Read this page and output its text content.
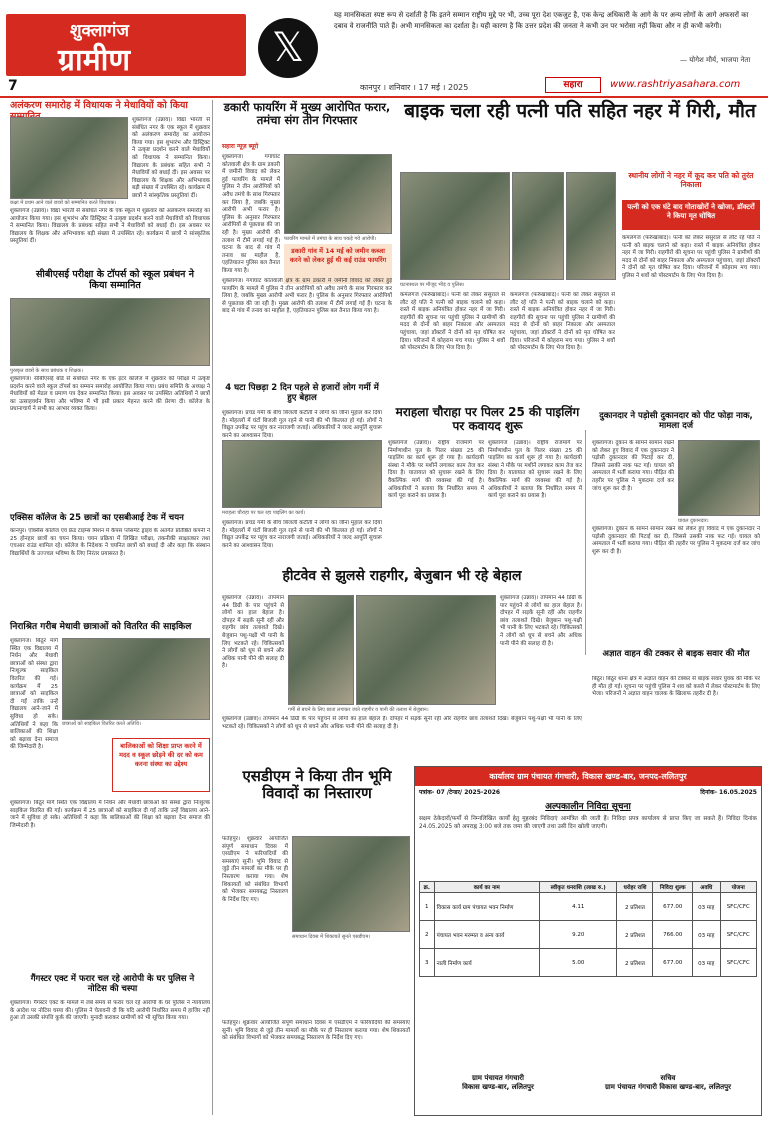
शुक्लागंज
ग्रामीण
7
𝕏
यह मानसिकता स्पष्ट रूप से दर्शाती है कि इतने सम्मान राष्ट्रीय मुद्दे पर भी, उच्च पूरा देश एकजुट है, एक केन्द्र अधिकारी के आगे के पर अन्य लोगों के आगे अफसरों का दबाव वे राजनीति पाते हैं। अभी मानसिकता का दर्शाता है। यही कारण है कि उत्तर प्रदेश की जनता ने कभी उन पर भरोसा नहीं किया और न ही कभी करेगी।
— योगेश मौर्य, भाजपा नेता
कानपुर । शनिवार । 17 मई । 2025	सहारा	www.rashtriyasahara.com
अलंकरण समारोह में विधायक ने मेधावियों को किया
शुक्लागंज (उन्नाव)। विद्या भारती से संबंधित नगर के एक स्कूल में शुक्रवार को अलंकरण समारोह का आयोजन किया गया। इस शुभारंभ और डिस्ट्रिक्ट ने उत्कृष्ट प्रदर्शन करने वाले मेधावियों को विधायक ने सम्मानित किया। विद्यालय के प्रबंधक सहित सभी ने मेधावियों को बधाई दी। इस अवसर पर विद्यालय के शिक्षक और अभिभावक बड़ी संख्या में उपस्थित रहे। कार्यक्रम में छात्रों ने सांस्कृतिक प्रस्तुतियां दीं।
कक्षा में प्रथम आने वाले छात्रों को सम्मानित करते विधायक।
शुक्लागंज (उन्नाव)। विद्या भारती से संबंधित नगर के एक स्कूल में शुक्रवार को अलंकरण समारोह का आयोजन किया गया। इस शुभारंभ और डिस्ट्रिक्ट ने उत्कृष्ट प्रदर्शन करने वाले मेधावियों को विधायक ने सम्मानित किया। विद्यालय के प्रबंधक सहित सभी ने मेधावियों को बधाई दी। इस अवसर पर विद्यालय के शिक्षक और अभिभावक बड़ी संख्या में उपस्थित रहे। कार्यक्रम में छात्रों ने सांस्कृतिक प्रस्तुतियां दीं।
सीबीएसई परीक्षा के टॉपर्स को स्कूल प्रबंधन ने किया सम्मानित
पुरस्कृत छात्रों के साथ प्रबंधक व शिक्षक।
शुक्लागंज। सीबीएसई बोर्ड से संबंधित नगर के एक इंटर कॉलेज में शुक्रवार को परीक्षा में उत्कृष्ट प्रदर्शन करने वाले स्कूल टॉपर्स का सम्मान समारोह आयोजित किया गया। प्रबंध समिति के अध्यक्ष ने मेधावियों को मेडल व प्रमाण पत्र देकर सम्मानित किया। इस अवसर पर उपस्थित अतिथियों ने छात्रों का उत्साहवर्धन किया और भविष्य में भी इसी प्रकार मेहनत करने की प्रेरणा दी। कॉलेज के प्रधानाचार्य ने सभी का आभार व्यक्त किया।
एक्सिस कॉलेज के 25 छात्रों का एसबीआई टेक में चयन
कानपुर। एक्सिस कॉलेज एवं फ्रेंड टाइम्स मिशन में कैंपस प्लेसमेंट ड्राइव के अंतर्गत प्रतिष्ठित कंपनी ने 25 होनहार छात्रों का चयन किया। चयन प्रक्रिया में लिखित परीक्षा, तकनीकी साक्षात्कार तथा एचआर राउंड शामिल रहे। कॉलेज के निदेशक ने चयनित छात्रों को बधाई दी और कहा कि संस्थान विद्यार्थियों के उज्ज्वल भविष्य के लिए निरंतर प्रयासरत है।
निराश्रित गरीब मेधावी छात्राओं को वितरित की साइकिल
शुक्लागंज। बिठूर मार्ग स्थित एक विद्यालय में निर्धन और मेधावी छात्राओं को संस्था द्वारा निःशुल्क साइकिल वितरित की गई। कार्यक्रम में 25 छात्राओं को साइकिल दी गईं ताकि उन्हें विद्यालय आने-जाने में सुविधा हो सके। अतिथियों ने कहा कि बालिकाओं की शिक्षा को बढ़ावा देना समाज की जिम्मेदारी है।
छात्राओं को साइकिल वितरित करते अतिथि।
बालिकाओं को शिक्षा प्राप्त करने में मदद व स्कूल छोड़ने की दर को कम करना संस्था का उद्देश्य
शुक्लागंज। बिठूर मार्ग स्थित एक विद्यालय में निर्धन और मेधावी छात्राओं को संस्था द्वारा निःशुल्क साइकिल वितरित की गई। कार्यक्रम में 25 छात्राओं को साइकिल दी गईं ताकि उन्हें विद्यालय आने-जाने में सुविधा हो सके। अतिथियों ने कहा कि बालिकाओं की शिक्षा को बढ़ावा देना समाज की जिम्मेदारी है।
गैंगस्टर एक्ट में फरार चल रहे आरोपी के घर पुलिस ने नोटिस की चस्पा
शुक्लागंज। गैंगस्टर एक्ट के मामले में लंबे समय से फरार चल रहे आरोपी के घर पुलिस ने न्यायालय के आदेश पर नोटिस चस्पा की। पुलिस ने चेतावनी दी कि यदि आरोपी निर्धारित समय में हाजिर नहीं हुआ तो उसकी संपत्ति कुर्क की जाएगी। मुनादी कराकर ग्रामीणों को भी सूचित किया गया।
डकारी फायरिंग में मुख्य आरोपित फरार, तमंचा संग तीन गिरफ्तार
सहारा न्यूज़ ब्यूरो
शुक्लागंज। गंगाघाट कोतवाली क्षेत्र के ग्राम डकारी में जमीनी विवाद को लेकर हुई फायरिंग के मामले में पुलिस ने तीन आरोपियों को अवैध तमंचे के साथ गिरफ्तार कर लिया है, जबकि मुख्य आरोपी अभी फरार है। पुलिस के अनुसार गिरफ्तार आरोपियों से पूछताछ की जा रही है। मुख्य आरोपी की तलाश में टीमें लगाई गई हैं। घटना के बाद से गांव में तनाव का माहौल है, एहतियातन पुलिस बल तैनात किया गया है।
फायरिंग मामले में तमंचा के साथ पकड़े गये आरोपी।
डकारी गांव में 14 मई को जमीन कब्जा करने को लेकर हुई थी कई राउंड फायरिंग
शुक्लागंज। गंगाघाट कोतवाली क्षेत्र के ग्राम डकारी में जमीनी विवाद को लेकर हुई फायरिंग के मामले में पुलिस ने तीन आरोपियों को अवैध तमंचे के साथ गिरफ्तार कर लिया है, जबकि मुख्य आरोपी अभी फरार है। पुलिस के अनुसार गिरफ्तार आरोपियों से पूछताछ की जा रही है। मुख्य आरोपी की तलाश में टीमें लगाई गई हैं। घटना के बाद से गांव में तनाव का माहौल है, एहतियातन पुलिस बल तैनात किया गया है।
बाइक चला रही पत्नी पति सहित नहर में गिरी, मौत
स्थानीय लोगों ने नहर में कूद कर पति को तुरंत निकाला
पत्नी को एक घंटे बाद गोताखोरों ने खोजा, डॉक्टरों ने किया मृत घोषित
कमलगंज (फर्रुखाबाद)। पत्नी को लेकर ससुराल से लौट रहे पति ने पत्नी को बाइक चलाने को कहा। रास्ते में बाइक अनियंत्रित होकर नहर में जा गिरी। राहगीरों की सूचना पर पहुंची पुलिस ने ग्रामीणों की मदद से दोनों को बाहर निकाला और अस्पताल पहुंचाया, जहां डॉक्टरों ने दोनों को मृत घोषित कर दिया। परिजनों में कोहराम मच गया। पुलिस ने शवों को पोस्टमार्टम के लिए भेज दिया है।
घटनास्थल पर मौजूद भीड़ व पुलिस।
कमलगंज (फर्रुखाबाद)। पत्नी को लेकर ससुराल से लौट रहे पति ने पत्नी को बाइक चलाने को कहा। रास्ते में बाइक अनियंत्रित होकर नहर में जा गिरी। राहगीरों की सूचना पर पहुंची पुलिस ने ग्रामीणों की मदद से दोनों को बाहर निकाला और अस्पताल पहुंचाया, जहां डॉक्टरों ने दोनों को मृत घोषित कर दिया। परिजनों में कोहराम मच गया। पुलिस ने शवों को पोस्टमार्टम के लिए भेज दिया है।
कमलगंज (फर्रुखाबाद)। पत्नी को लेकर ससुराल से लौट रहे पति ने पत्नी को बाइक चलाने को कहा। रास्ते में बाइक अनियंत्रित होकर नहर में जा गिरी। राहगीरों की सूचना पर पहुंची पुलिस ने ग्रामीणों की मदद से दोनों को बाहर निकाला और अस्पताल पहुंचाया, जहां डॉक्टरों ने दोनों को मृत घोषित कर दिया। परिजनों में कोहराम मच गया। पुलिस ने शवों को पोस्टमार्टम के लिए भेज दिया है।
4 घटा पिछड़ा 2 दिन पहले से हजारों लोग गर्मी में हुए बेहाल
शुक्लागंज। प्रचंड गर्मी के बीच बिजली कटौती ने लोगों का जीना मुहाल कर दिया है। मोहल्लों में घंटों बिजली गुल रहने से पानी की भी किल्लत हो गई। लोगों ने विद्युत उपकेंद्र पर पहुंच कर नाराजगी जताई। अधिकारियों ने जल्द आपूर्ति सुचारू करने का आश्वासन दिया।
मराहला चौराहा पर पिलर 25 की पाइलिंग पर कवायद शुरू
मराहला चौराहा पर चल रहा पाइलिंग का कार्य।
शुक्लागंज (उन्नाव)। राष्ट्रीय राजमार्ग पर निर्माणाधीन पुल के पिलर संख्या 25 की पाइलिंग का कार्य शुरू हो गया है। कार्यदायी संस्था ने मौके पर मशीनें लगाकर काम तेज कर दिया है। यातायात को सुचारू रखने के लिए वैकल्पिक मार्ग की व्यवस्था की गई है। अधिकारियों ने बताया कि निर्धारित समय में कार्य पूरा कराने का प्रयास है।
शुक्लागंज (उन्नाव)। राष्ट्रीय राजमार्ग पर निर्माणाधीन पुल के पिलर संख्या 25 की पाइलिंग का कार्य शुरू हो गया है। कार्यदायी संस्था ने मौके पर मशीनें लगाकर काम तेज कर दिया है। यातायात को सुचारू रखने के लिए वैकल्पिक मार्ग की व्यवस्था की गई है। अधिकारियों ने बताया कि निर्धारित समय में कार्य पूरा कराने का प्रयास है।
शुक्लागंज। प्रचंड गर्मी के बीच बिजली कटौती ने लोगों का जीना मुहाल कर दिया है। मोहल्लों में घंटों बिजली गुल रहने से पानी की भी किल्लत हो गई। लोगों ने विद्युत उपकेंद्र पर पहुंच कर नाराजगी जताई। अधिकारियों ने जल्द आपूर्ति सुचारू करने का आश्वासन दिया।
दुकानदार ने पड़ोसी दुकानदार को पीट फोड़ा नाक, मामला दर्ज
शुक्लागंज। दुकान के सामने सामान रखने को लेकर हुए विवाद में एक दुकानदार ने पड़ोसी दुकानदार की पिटाई कर दी, जिससे उसकी नाक फट गई। घायल को अस्पताल में भर्ती कराया गया। पीड़ित की तहरीर पर पुलिस ने मुकदमा दर्ज कर जांच शुरू कर दी है।
घायल दुकानदार।
शुक्लागंज। दुकान के सामने सामान रखने को लेकर हुए विवाद में एक दुकानदार ने पड़ोसी दुकानदार की पिटाई कर दी, जिससे उसकी नाक फट गई। घायल को अस्पताल में भर्ती कराया गया। पीड़ित की तहरीर पर पुलिस ने मुकदमा दर्ज कर जांच शुरू कर दी है।
हीटवेव से झुलसे राहगीर, बेजुबान भी रहे बेहाल
शुक्लागंज (उन्नाव)। तापमान 44 डिग्री के पार पहुंचने से लोगों का हाल बेहाल है। दोपहर में सड़कें सूनी रहीं और राहगीर छांव तलाशते दिखे। बेजुबान पशु-पक्षी भी पानी के लिए भटकते रहे। चिकित्सकों ने लोगों को धूप से बचने और अधिक पानी पीने की सलाह दी है।
शुक्लागंज (उन्नाव)। तापमान 44 डिग्री के पार पहुंचने से लोगों का हाल बेहाल है। दोपहर में सड़कें सूनी रहीं और राहगीर छांव तलाशते दिखे। बेजुबान पशु-पक्षी भी पानी के लिए भटकते रहे। चिकित्सकों ने लोगों को धूप से बचने और अधिक पानी पीने की सलाह दी है।
गर्मी से बचने के लिए छाता लगाकर जाते राहगीर व पानी की तलाश में बेजुबान।
शुक्लागंज (उन्नाव)। तापमान 44 डिग्री के पार पहुंचने से लोगों का हाल बेहाल है। दोपहर में सड़कें सूनी रहीं और राहगीर छांव तलाशते दिखे। बेजुबान पशु-पक्षी भी पानी के लिए भटकते रहे। चिकित्सकों ने लोगों को धूप से बचने और अधिक पानी पीने की सलाह दी है।
अज्ञात वाहन की टक्कर से बाइक सवार की मौत
बिठूर। बिठूर थाना क्षेत्र में अज्ञात वाहन की टक्कर से बाइक सवार युवक की मौके पर ही मौत हो गई। सूचना पर पहुंची पुलिस ने शव को कब्जे में लेकर पोस्टमार्टम के लिए भेजा। परिजनों ने अज्ञात वाहन चालक के खिलाफ तहरीर दी है।
एसडीएम ने किया तीन भूमि विवादों का निस्तारण
फतेहपुर। शुक्रवार आयोजित संपूर्ण समाधान दिवस में एसडीएम ने फरियादियों की समस्याएं सुनीं। भूमि विवाद से जुड़े तीन मामलों का मौके पर ही निस्तारण कराया गया। शेष शिकायतों को संबंधित विभागों को भेजकर समयबद्ध निस्तारण के निर्देश दिए गए।
समाधान दिवस में शिकायतें सुनते एसडीएम।
फतेहपुर। शुक्रवार आयोजित संपूर्ण समाधान दिवस में एसडीएम ने फरियादियों की समस्याएं सुनीं। भूमि विवाद से जुड़े तीन मामलों का मौके पर ही निस्तारण कराया गया। शेष शिकायतों को संबंधित विभागों को भेजकर समयबद्ध निस्तारण के निर्देश दिए गए।
कार्यालय ग्राम पंचायत गंगचारी, विकास खण्ड-बार, जनपद-ललितपुर
पत्रांक- 07 /टेन्डर/ 2025-2026	दिनांक- 16.05.2025
अल्पकालीन निविदा सूचना
सक्षम ठेकेदारों/फर्मों से निम्नलिखित कार्यों हेतु मुहरबंद निविदाएं आमंत्रित की जाती हैं। निविदा प्रपत्र कार्यालय से प्राप्त किए जा सकते हैं। निविदा दिनांक 24.05.2025 को अपराह्न 3:00 बजे तक जमा की जाएगी तथा उसी दिन खोली जाएगी।
क्र.	कार्य का नाम	स्वीकृत धनराशि (लाख रु.)	धरोहर राशि	निविदा शुल्क	अवधि	योजना
1	विकास कार्य ग्राम पंचायत भवन निर्माण	4.11	2 प्रतिशत	677.00	03 माह	SFC/CFC
2	पंचायत भवन मरम्मत व अन्य कार्य	9.20	2 प्रतिशत	766.00	03 माह	SFC/CFC
3	नाली निर्माण कार्य	5.00	2 प्रतिशत	677.00	03 माह	SFC/CFC
ग्राम पंचायत गंगचारी
विकास खण्ड-बार, ललितपुर
सचिव
ग्राम पंचायत गंगचारी विकास खण्ड-बार, ललितपुर
